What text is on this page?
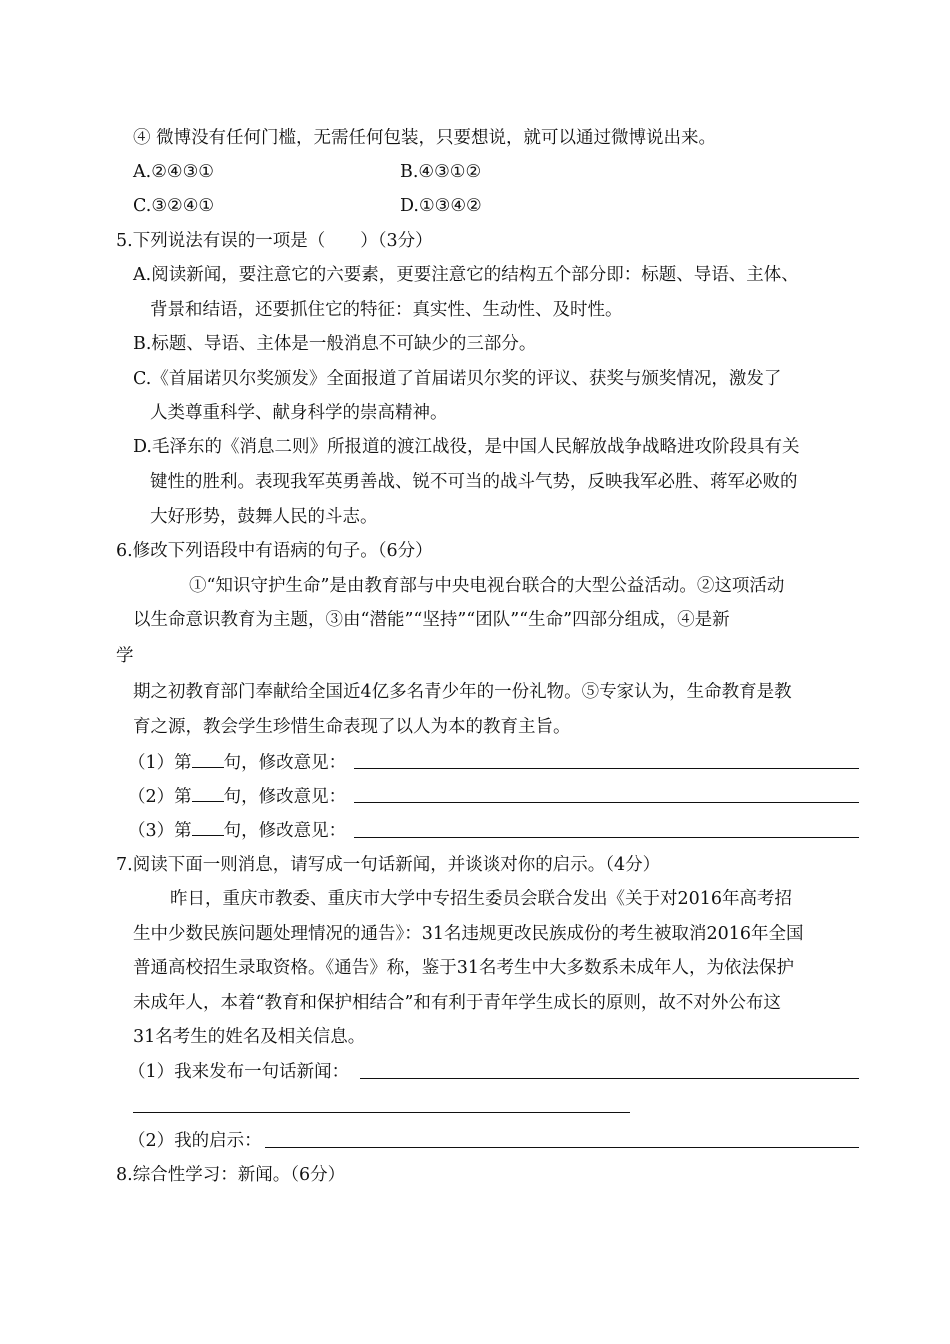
④ 微博没有任何门槛，无需任何包装，只要想说，就可以通过微博说出来。
A.②④③①	B.④③①②
C.③②④①	D.①③④②
5.下列说法有误的一项是（　　）（3分）
A.阅读新闻，要注意它的六要素，更要注意它的结构五个部分即：标题、导语、主体、
背景和结语，还要抓住它的特征：真实性、生动性、及时性。
B.标题、导语、主体是一般消息不可缺少的三部分。
C.《首届诺贝尔奖颁发》全面报道了首届诺贝尔奖的评议、获奖与颁奖情况，激发了
人类尊重科学、献身科学的崇高精神。
D.毛泽东的《消息二则》所报道的渡江战役，是中国人民解放战争战略进攻阶段具有关
键性的胜利。表现我军英勇善战、锐不可当的战斗气势，反映我军必胜、蒋军必败的
大好形势，鼓舞人民的斗志。
6.修改下列语段中有语病的句子。（6分）
①“知识守护生命”是由教育部与中央电视台联合的大型公益活动。②这项活动
以生命意识教育为主题，③由“潜能”“坚持”“团队”“生命”四部分组成，④是新
学
期之初教育部门奉献给全国近4亿多名青少年的一份礼物。⑤专家认为，生命教育是教
育之源，教会学生珍惜生命表现了以人为本的教育主旨。
（1）第 句，修改意见：
（2）第 句，修改意见：
（3）第 句，修改意见：
7.阅读下面一则消息，请写成一句话新闻，并谈谈对你的启示。（4分）
昨日，重庆市教委、重庆市大学中专招生委员会联合发出《关于对2016年高考招
生中少数民族问题处理情况的通告》：31名违规更改民族成份的考生被取消2016年全国
普通高校招生录取资格。《通告》称，鉴于31名考生中大多数系未成年人，为依法保护
未成年人，本着“教育和保护相结合”和有利于青年学生成长的原则，故不对外公布这
31名考生的姓名及相关信息。
（1）我来发布一句话新闻：
（2）我的启示：
8.综合性学习：新闻。（6分）
